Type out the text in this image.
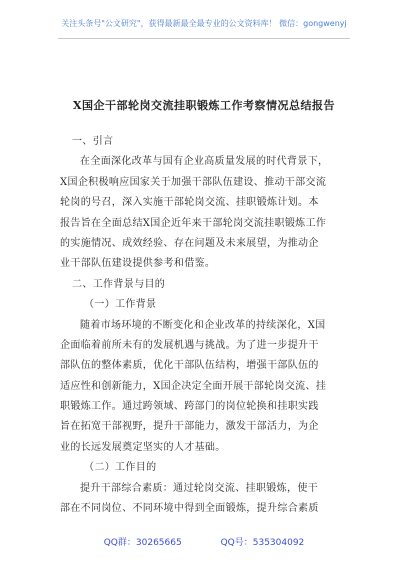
关注头条号"公文研究"，获得最新最全最专业的公文资料库！ 微信：gongwenyj
X国企干部轮岗交流挂职锻炼工作考察情况总结报告
一、引言
在全面深化改革与国有企业高质量发展的时代背景下，
X国企积极响应国家关于加强干部队伍建设、推动干部交流
轮岗的号召，深入实施干部轮岗交流、挂职锻炼计划。本
报告旨在全面总结X国企近年来干部轮岗交流挂职锻炼工作
的实施情况、成效经验、存在问题及未来展望，为推动企
业干部队伍建设提供参考和借鉴。
二、工作背景与目的
（一）工作背景
随着市场环境的不断变化和企业改革的持续深化，X国
企面临着前所未有的发展机遇与挑战。为了进一步提升干
部队伍的整体素质，优化干部队伍结构，增强干部队伍的
适应性和创新能力，X国企决定全面开展干部轮岗交流、挂
职锻炼工作。通过跨领域、跨部门的岗位轮换和挂职实践
旨在拓宽干部视野，提升干部能力，激发干部活力，为企
业的长远发展奠定坚实的人才基础。
（二）工作目的
提升干部综合素质：通过轮岗交流、挂职锻炼，使干
部在不同岗位、不同环境中得到全面锻炼，提升综合素质
QQ群：30265665	QQ号：535304092
